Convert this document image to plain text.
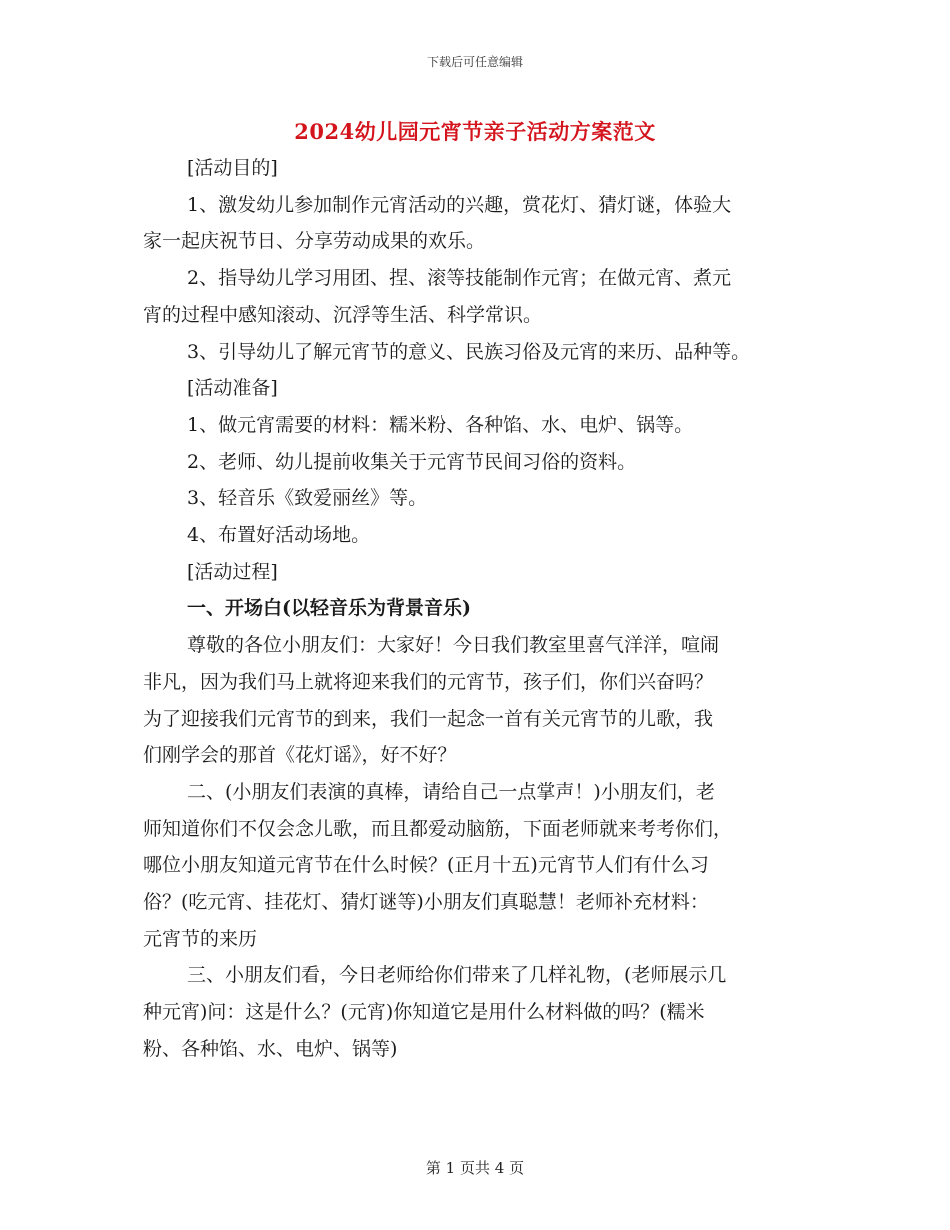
下载后可任意编辑
2024幼儿园元宵节亲子活动方案范文

[活动目的]

1、激发幼儿参加制作元宵活动的兴趣，赏花灯、猜灯谜，体验大

家一起庆祝节日、分享劳动成果的欢乐。

2、指导幼儿学习用团、捏、滚等技能制作元宵；在做元宵、煮元

宵的过程中感知滚动、沉浮等生活、科学常识。

3、引导幼儿了解元宵节的意义、民族习俗及元宵的来历、品种等。

[活动准备]

1、做元宵需要的材料：糯米粉、各种馅、水、电炉、锅等。

2、老师、幼儿提前收集关于元宵节民间习俗的资料。

3、轻音乐《致爱丽丝》等。

4、布置好活动场地。

[活动过程]

一、开场白(以轻音乐为背景音乐)

尊敬的各位小朋友们：大家好！今日我们教室里喜气洋洋，喧闹

非凡，因为我们马上就将迎来我们的元宵节，孩子们，你们兴奋吗？

为了迎接我们元宵节的到来，我们一起念一首有关元宵节的儿歌，我

们刚学会的那首《花灯谣》，好不好？

二、(小朋友们表演的真棒，请给自己一点掌声！)小朋友们，老

师知道你们不仅会念儿歌，而且都爱动脑筋，下面老师就来考考你们，

哪位小朋友知道元宵节在什么时候？(正月十五)元宵节人们有什么习

俗？(吃元宵、挂花灯、猜灯谜等)小朋友们真聪慧！老师补充材料：

元宵节的来历

三、小朋友们看，今日老师给你们带来了几样礼物，(老师展示几

种元宵)问：这是什么？(元宵)你知道它是用什么材料做的吗？(糯米

粉、各种馅、水、电炉、锅等)

第 1 页共 4 页
